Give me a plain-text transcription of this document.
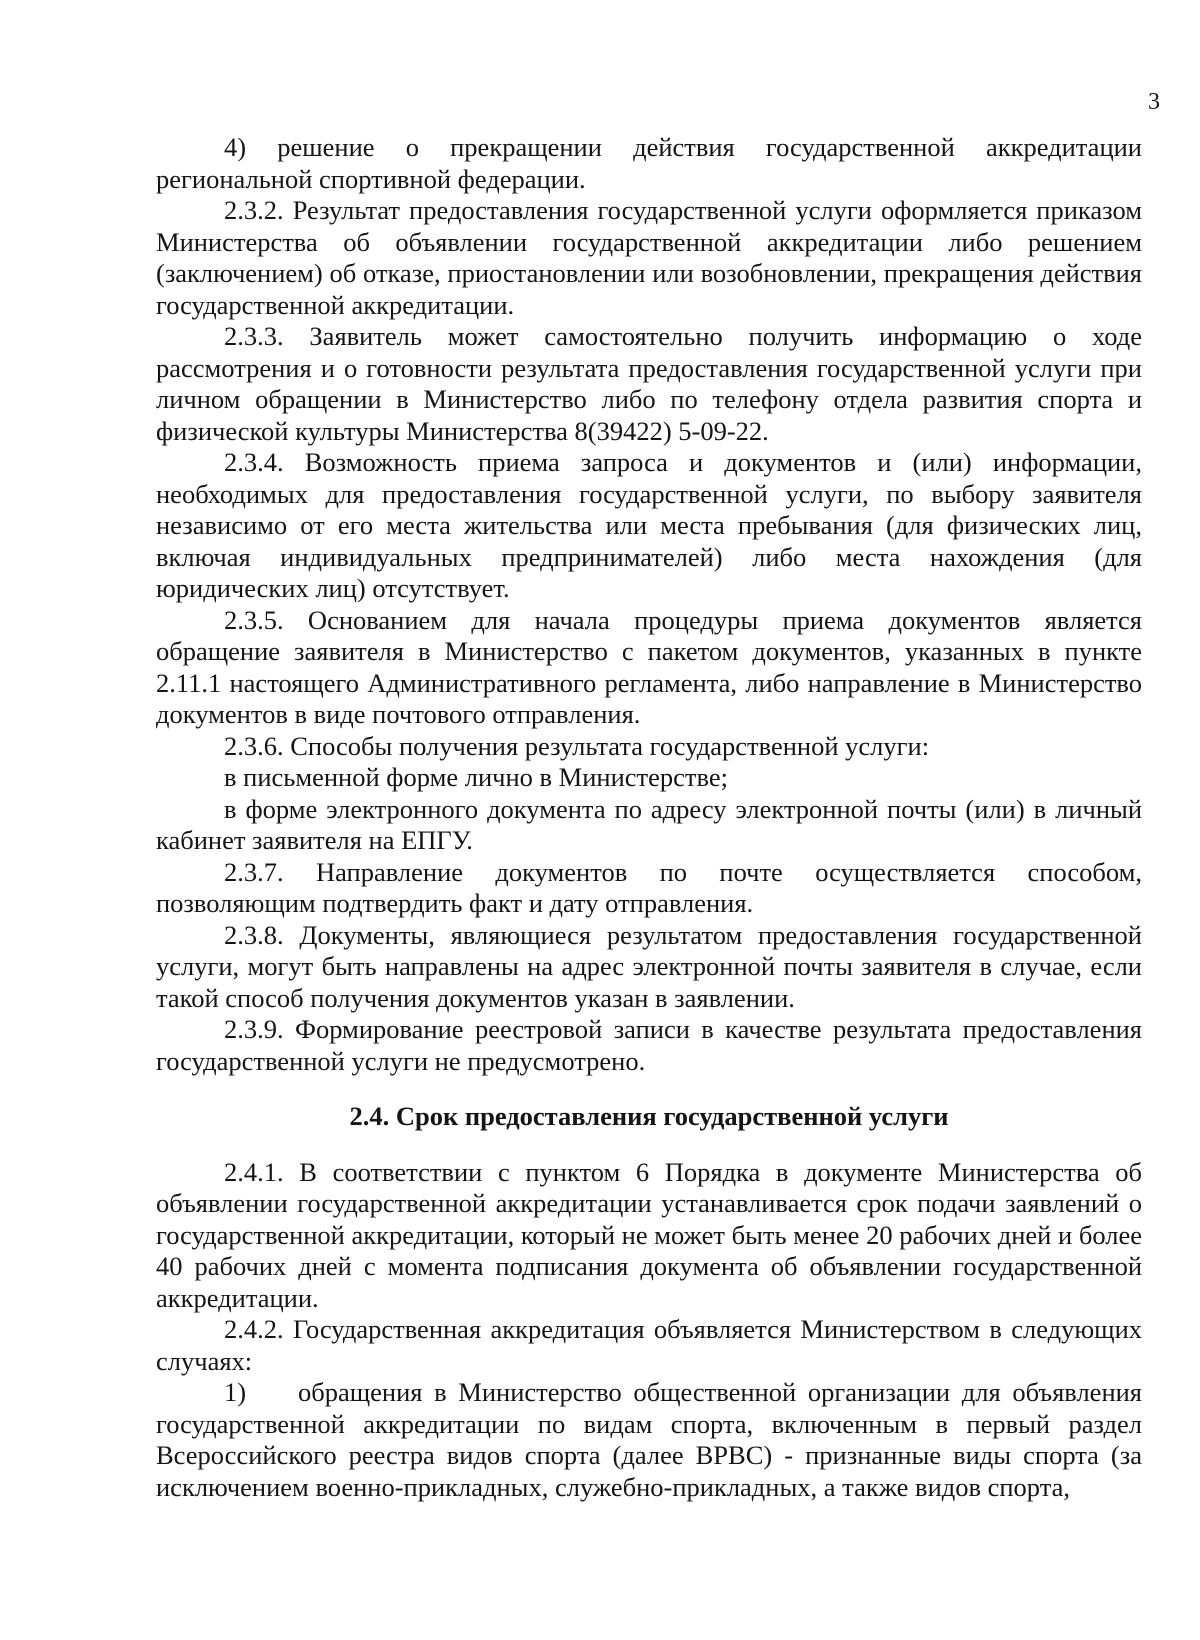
3

4) решение о прекращении действия государственной аккредитации региональной спортивной федерации.

2.3.2. Результат предоставления государственной услуги оформляется приказом Министерства об объявлении государственной аккредитации либо решением (заключением) об отказе, приостановлении или возобновлении, прекращения действия государственной аккредитации.

2.3.3. Заявитель может самостоятельно получить информацию о ходе рассмотрения и о готовности результата предоставления государственной услуги при личном обращении в Министерство либо по телефону отдела развития спорта и физической культуры Министерства 8(39422) 5-09-22.

2.3.4. Возможность приема запроса и документов и (или) информации, необходимых для предоставления государственной услуги, по выбору заявителя независимо от его места жительства или места пребывания (для физических лиц, включая индивидуальных предпринимателей) либо места нахождения (для юридических лиц) отсутствует.

2.3.5. Основанием для начала процедуры приема документов является обращение заявителя в Министерство с пакетом документов, указанных в пункте 2.11.1 настоящего Административного регламента, либо направление в Министерство документов в виде почтового отправления.

2.3.6. Способы получения результата государственной услуги:

в письменной форме лично в Министерстве;

в форме электронного документа по адресу электронной почты (или) в личный кабинет заявителя на ЕПГУ.

2.3.7. Направление документов по почте осуществляется способом, позволяющим подтвердить факт и дату отправления.

2.3.8. Документы, являющиеся результатом предоставления государственной услуги, могут быть направлены на адрес электронной почты заявителя в случае, если такой способ получения документов указан в заявлении.

2.3.9. Формирование реестровой записи в качестве результата предоставления государственной услуги не предусмотрено.

2.4. Срок предоставления государственной услуги

2.4.1. В соответствии с пунктом 6 Порядка в документе Министерства об объявлении государственной аккредитации устанавливается срок подачи заявлений о государственной аккредитации, который не может быть менее 20 рабочих дней и более 40 рабочих дней с момента подписания документа об объявлении государственной аккредитации.

2.4.2. Государственная аккредитация объявляется Министерством в следующих случаях:

1) обращения в Министерство общественной организации для объявления государственной аккредитации по видам спорта, включенным в первый раздел Всероссийского реестра видов спорта (далее ВРВС) - признанные виды спорта (за исключением военно-прикладных, служебно-прикладных, а также видов спорта,
